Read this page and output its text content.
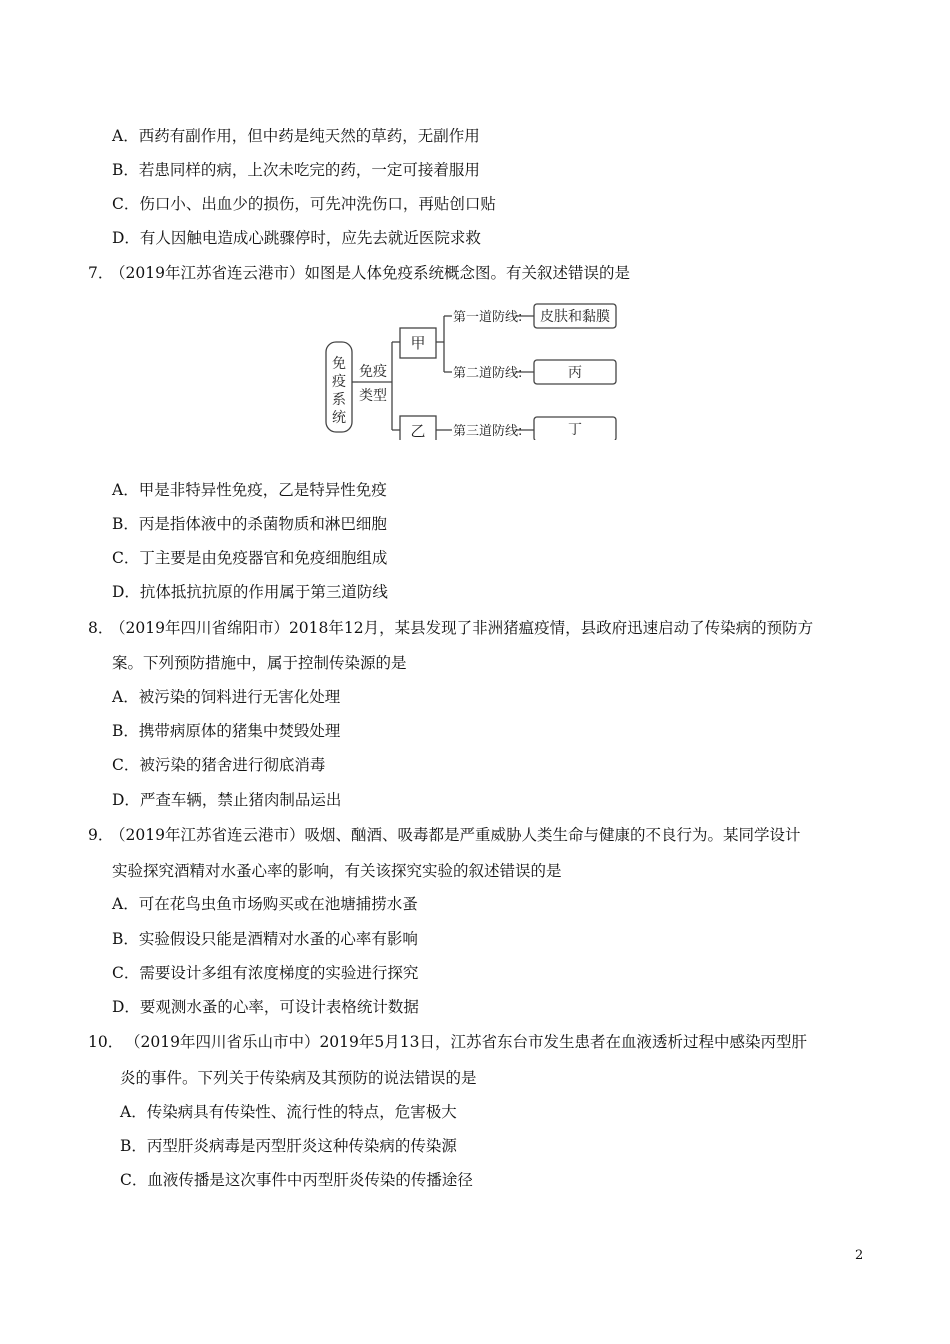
A．西药有副作用，但中药是纯天然的草药，无副作用
B．若患同样的病，上次未吃完的药，一定可接着服用
C．伤口小、出血少的损伤，可先冲洗伤口，再贴创口贴
D．有人因触电造成心跳骤停时，应先去就近医院求救
7．
（2019年江苏省连云港市）如图是人体免疫系统概念图。有关叙述错误的是
免
疫
系
统
免疫
类型
甲
乙
第一道防线:
第二道防线:
第三道防线:
皮肤和黏膜
丙
丁
A．甲是非特异性免疫，乙是特异性免疫
B．丙是指体液中的杀菌物质和淋巴细胞
C．丁主要是由免疫器官和免疫细胞组成
D．抗体抵抗抗原的作用属于第三道防线
8．
（2019年四川省绵阳市）2018年12月，某县发现了非洲猪瘟疫情，县政府迅速启动了传染病的预防方
案。下列预防措施中，属于控制传染源的是
A．被污染的饲料进行无害化处理
B．携带病原体的猪集中焚毁处理
C．被污染的猪舍进行彻底消毒
D．严查车辆，禁止猪肉制品运出
9．
（2019年江苏省连云港市）吸烟、酗酒、吸毒都是严重威胁人类生命与健康的不良行为。某同学设计
实验探究酒精对水蚤心率的影响，有关该探究实验的叙述错误的是
A．可在花鸟虫鱼市场购买或在池塘捕捞水蚤
B．实验假设只能是酒精对水蚤的心率有影响
C．需要设计多组有浓度梯度的实验进行探究
D．要观测水蚤的心率，可设计表格统计数据
10． （2019年四川省乐山市中）2019年5月13日，江苏省东台市发生患者在血液透析过程中感染丙型肝
炎的事件。下列关于传染病及其预防的说法错误的是
A．传染病具有传染性、流行性的特点，危害极大
B．丙型肝炎病毒是丙型肝炎这种传染病的传染源
C．血液传播是这次事件中丙型肝炎传染的传播途径
2
